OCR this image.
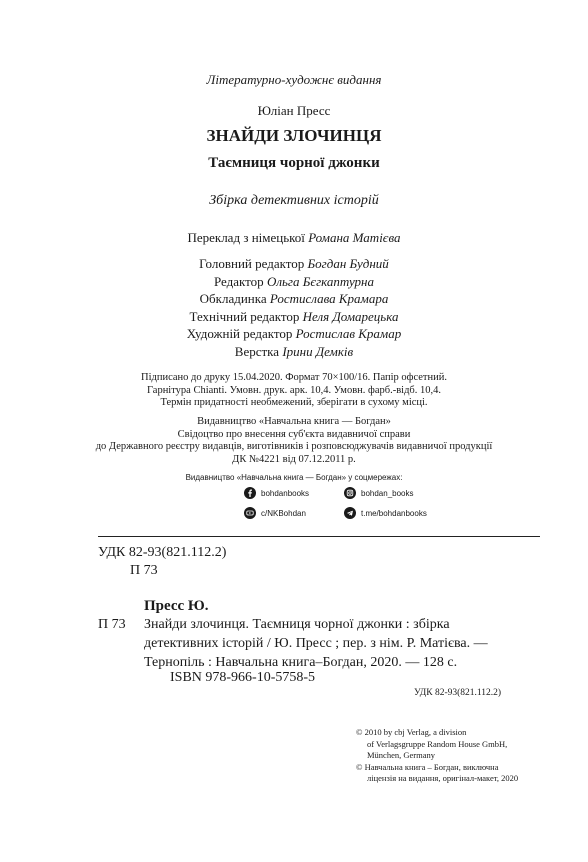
Літературно-художнє видання
Юліан Пресс
ЗНАЙДИ ЗЛОЧИНЦЯ
Таємниця чорної джонки
Збірка детективних історій
Переклад з німецької Романа Матієва
Головний редактор Богдан Будний
Редактор Ольга Бєгкаптурна
Обкладинка Ростислава Крамара
Технічний редактор Неля Домарецька
Художній редактор Ростислав Крамар
Верстка Ірини Демків
Підписано до друку 15.04.2020. Формат 70×100/16. Папір офсетний.
Гарнітура Chianti. Умовн. друк. арк. 10,4. Умовн. фарб.-відб. 10,4.
Термін придатності необмежений, зберігати в сухому місці.
Видавництво «Навчальна книга — Богдан»
Свідоцтво про внесення суб'єкта видавничої справи
до Державного реєстру видавців, виготівників і розповсюджувачів видавничої продукції
ДК №4221 від 07.12.2011 р.
Видавництво «Навчальна книга — Богдан» у соцмережах:
bohdanbooks	bohdan_books
c/NKBohdan	t.me/bohdanbooks
УДК 82-93(821.112.2)
П 73
Пресс Ю.
П 73 Знайди злочинця. Таємниця чорної джонки : збірка
детективних історій / Ю. Пресс ; пер. з нім. Р. Матієва. —
Тернопіль : Навчальна книга–Богдан, 2020. — 128 с.
ISBN 978-966-10-5758-5
УДК 82-93(821.112.2)
© 2010 by cbj Verlag, a division
of Verlagsgruppe Random House GmbH,
München, Germany
© Навчальна книга – Богдан, виключна
ліцензія на видання, оригінал-макет, 2020
